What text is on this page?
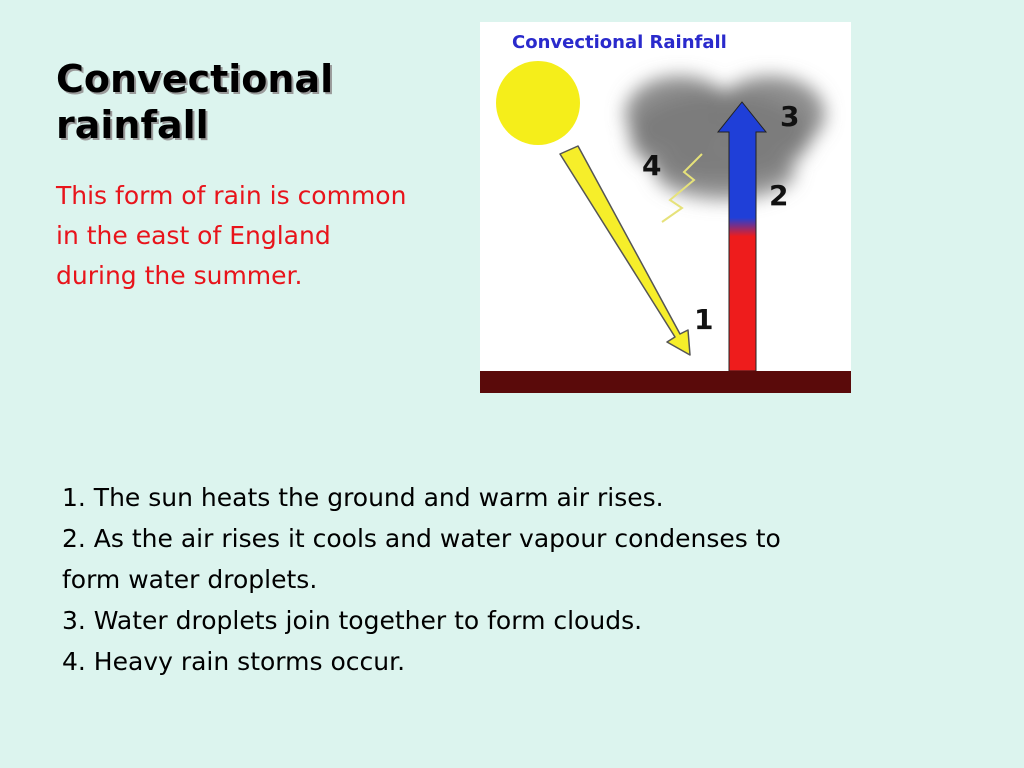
Convectional
rainfall

This form of rain is common
in the east of England
during the summer.

Convectional Rainfall
1
2
3
4

1. The sun heats the ground and warm air rises.
2. As the air rises it cools and water vapour condenses to
form water droplets.
3. Water droplets join together to form clouds.
4. Heavy rain storms occur.
